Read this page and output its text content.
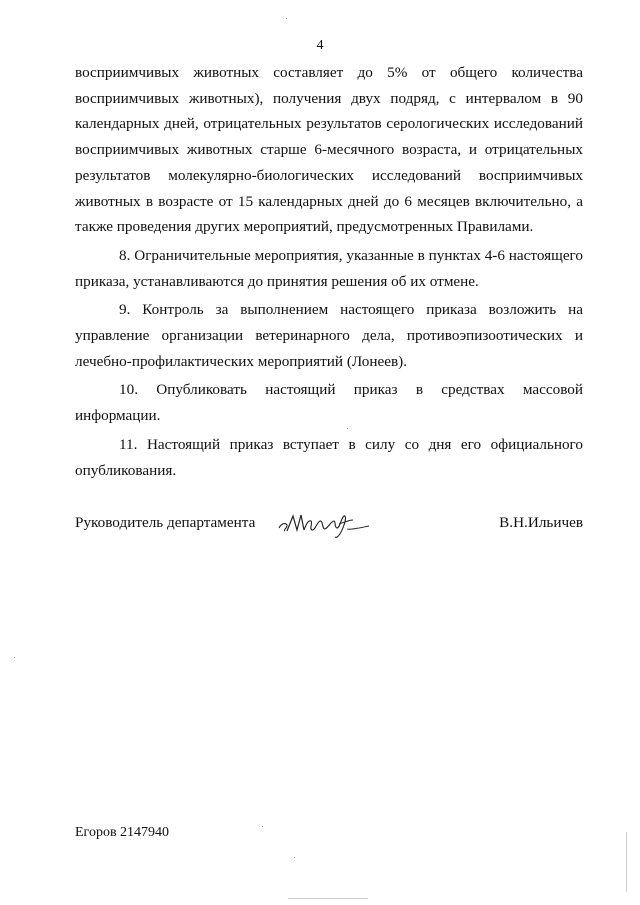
4

восприимчивых животных составляет до 5% от общего количества восприимчивых животных), получения двух подряд, с интервалом в 90 календарных дней, отрицательных результатов серологических исследований восприимчивых животных старше 6-месячного возраста, и отрицательных результатов молекулярно-биологических исследований восприимчивых животных в возрасте от 15 календарных дней до 6 месяцев включительно, а также проведения других мероприятий, предусмотренных Правилами.

8. Ограничительные мероприятия, указанные в пунктах 4-6 настоящего приказа, устанавливаются до принятия решения об их отмене.

9. Контроль за выполнением настоящего приказа возложить на управление организации ветеринарного дела, противоэпизоотических и лечебно-профилактических мероприятий (Лонеев).

10. Опубликовать настоящий приказ в средствах массовой информации.

11. Настоящий приказ вступает в силу со дня его официального опубликования.

Руководитель департамента	В.Н.Ильичев
Егоров 2147940
